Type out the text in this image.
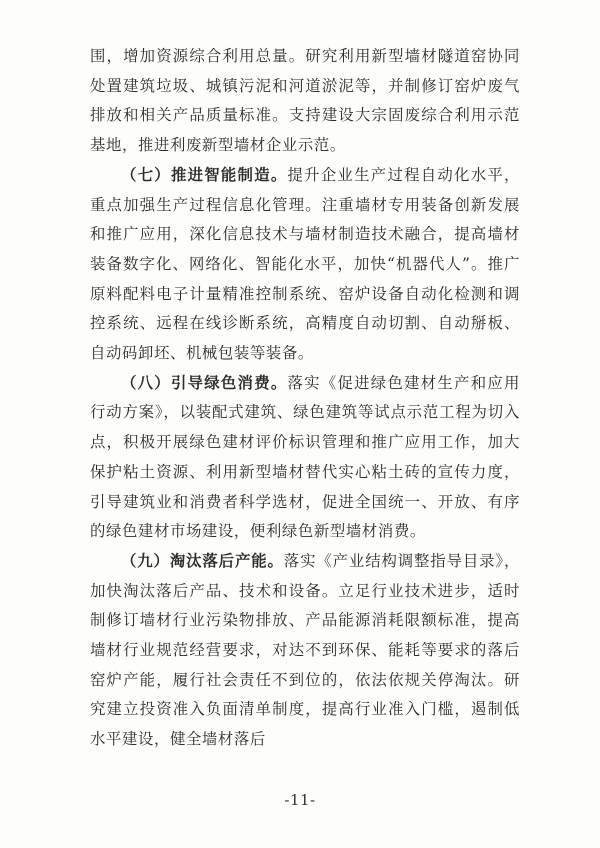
围，增加资源综合利用总量。研究利用新型墙材隧道窑协同处置建筑垃圾、城镇污泥和河道淤泥等，并制修订窑炉废气排放和相关产品质量标准。支持建设大宗固废综合利用示范基地，推进利废新型墙材企业示范。

（七）推进智能制造。提升企业生产过程自动化水平，重点加强生产过程信息化管理。注重墙材专用装备创新发展和推广应用，深化信息技术与墙材制造技术融合，提高墙材装备数字化、网络化、智能化水平，加快“机器代人”。推广原料配料电子计量精准控制系统、窑炉设备自动化检测和调控系统、远程在线诊断系统，高精度自动切割、自动掰板、自动码卸坯、机械包装等装备。

（八）引导绿色消费。落实《促进绿色建材生产和应用行动方案》，以装配式建筑、绿色建筑等试点示范工程为切入点，积极开展绿色建材评价标识管理和推广应用工作，加大保护粘土资源、利用新型墙材替代实心粘土砖的宣传力度，引导建筑业和消费者科学选材，促进全国统一、开放、有序的绿色建材市场建设，便利绿色新型墙材消费。

（九）淘汰落后产能。落实《产业结构调整指导目录》，加快淘汰落后产品、技术和设备。立足行业技术进步，适时制修订墙材行业污染物排放、产品能源消耗限额标准，提高墙材行业规范经营要求，对达不到环保、能耗等要求的落后窑炉产能，履行社会责任不到位的，依法依规关停淘汰。研究建立投资准入负面清单制度，提高行业准入门槛，遏制低水平建设，健全墙材落后

-11-
